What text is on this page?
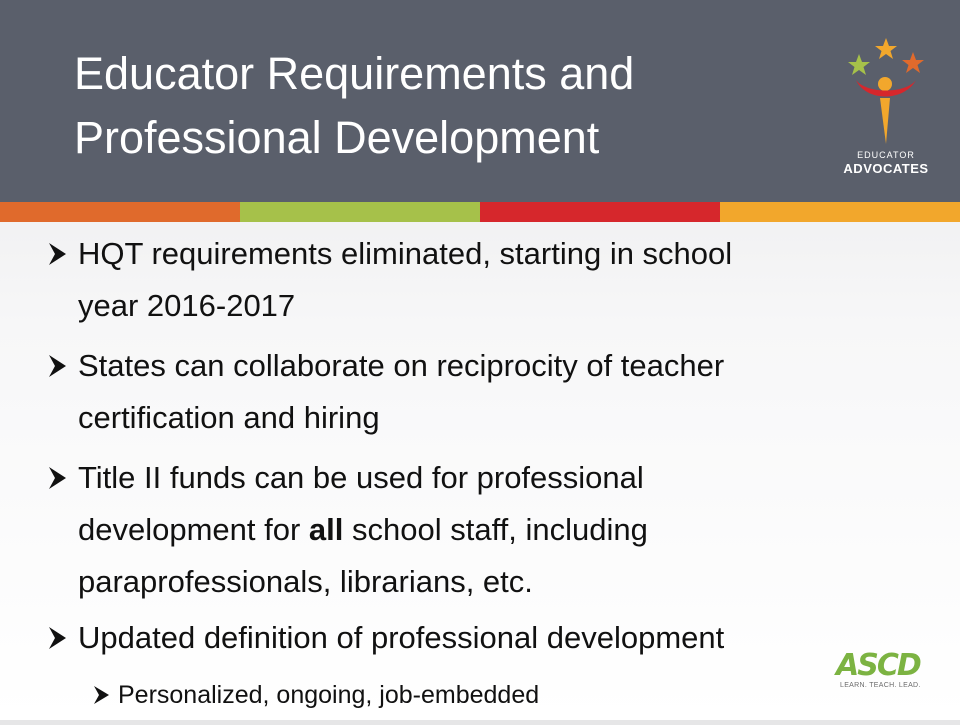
Educator Requirements and
Professional Development	EDUCATOR
ADVOCATES
HQT requirements eliminated, starting in school
year 2016-2017
States can collaborate on reciprocity of teacher
certification and hiring
Title II funds can be used for professional
development for all school staff, including
paraprofessionals, librarians, etc.
Updated definition of professional development
Personalized, ongoing, job-embedded
ASCD
LEARN. TEACH. LEAD.
